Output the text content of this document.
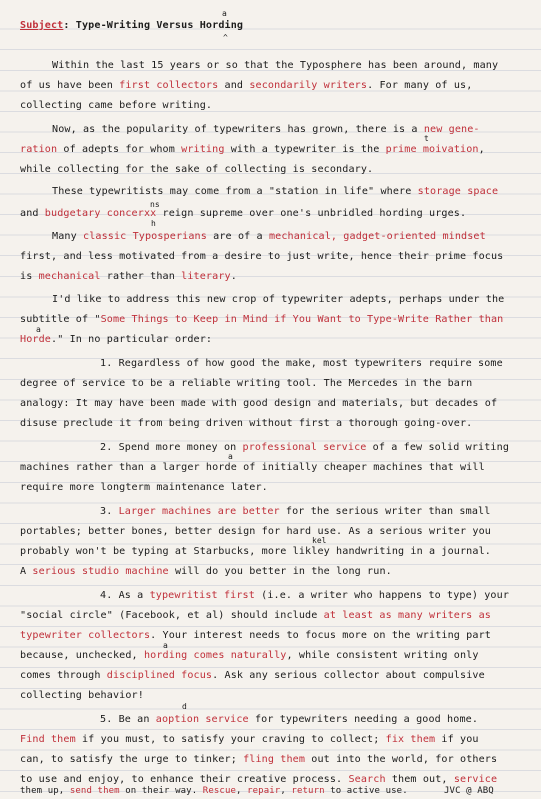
Subject: Type-Writing Versus Hording
a
^
Within the last 15 years or so that the Typosphere has been around, many
of us have been first collectors and secondarily writers. For many of us,
collecting came before writing.
Now, as the popularity of typewriters has grown, there is a new gene-
ration of adepts for whom writing with a typewriter is the prime moivation,
t
while collecting for the sake of collecting is secondary.
These typewritists may come from a "station in life" where storage space
ns
and budgetary concerxx reign supreme over one's unbridled hording urges.
h
Many classic Typosperians are of a mechanical, gadget-oriented mindset
first, and less motivated from a desire to just write, hence their prime focus
is mechanical rather than literary.
I'd like to address this new crop of typewriter adepts, perhaps under the
subtitle of "Some Things to Keep in Mind if You Want to Type-Write Rather than
a
Horde." In no particular order:
1. Regardless of how good the make, most typewriters require some
degree of service to be a reliable writing tool. The Mercedes in the barn
analogy: It may have been made with good design and materials, but decades of
disuse preclude it from being driven without first a thorough going-over.
2. Spend more money on professional service of a few solid writing
a
machines rather than a larger horde of initially cheaper machines that will
require more longterm maintenance later.
3. Larger machines are better for the serious writer than small
portables; better bones, better design for hard use. As a serious writer you
kel
probably won't be typing at Starbucks, more likley handwriting in a journal.
A serious studio machine will do you better in the long run.
4. As a typewritist first (i.e. a writer who happens to type) your
"social circle" (Facebook, et al) should include at least as many writers as
typewriter collectors. Your interest needs to focus more on the writing part
a
because, unchecked, hording comes naturally, while consistent writing only
comes through disciplined focus. Ask any serious collector about compulsive
collecting behavior!
d
5. Be an aoption service for typewriters needing a good home.
Find them if you must, to satisfy your craving to collect; fix them if you
can, to satisfy the urge to tinker; fling them out into the world, for others
to use and enjoy, to enhance their creative process. Search them out, service
them up, send them on their way. Rescue, repair, return to active use.	JVC @ ABQ
